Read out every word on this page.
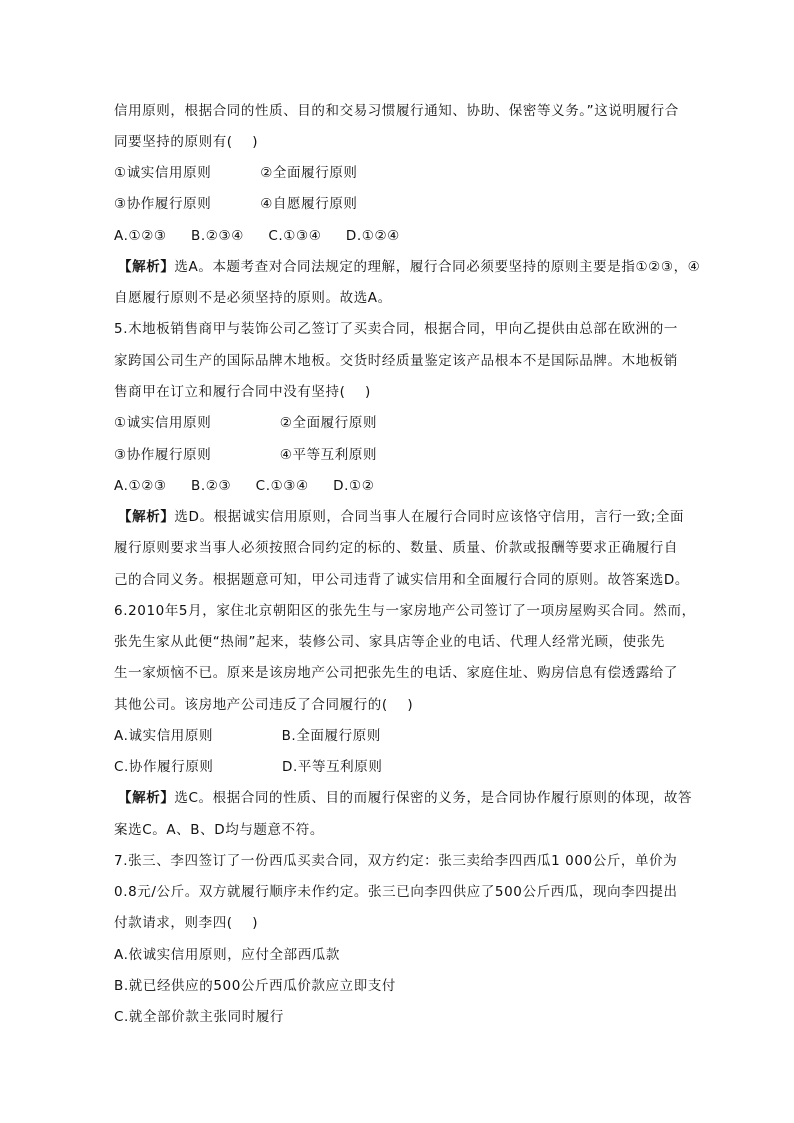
信用原则，根据合同的性质、目的和交易习惯履行通知、协助、保密等义务。”这说明履行合
同要坚持的原则有(    )
①诚实信用原则          ②全面履行原则
③协作履行原则          ④自愿履行原则
A.①②③     B.②③④     C.①③④     D.①②④
【解析】选A。本题考查对合同法规定的理解，履行合同必须要坚持的原则主要是指①②③，④
自愿履行原则不是必须坚持的原则。故选A。
5.木地板销售商甲与装饰公司乙签订了买卖合同，根据合同，甲向乙提供由总部在欧洲的一
家跨国公司生产的国际品牌木地板。交货时经质量鉴定该产品根本不是国际品牌。木地板销
售商甲在订立和履行合同中没有坚持(    )
①诚实信用原则              ②全面履行原则
③协作履行原则              ④平等互利原则
A.①②③     B.②③     C.①③④     D.①②
【解析】选D。根据诚实信用原则，合同当事人在履行合同时应该恪守信用，言行一致;全面
履行原则要求当事人必须按照合同约定的标的、数量、质量、价款或报酬等要求正确履行自
己的合同义务。根据题意可知，甲公司违背了诚实信用和全面履行合同的原则。故答案选D。
6.2010年5月，家住北京朝阳区的张先生与一家房地产公司签订了一项房屋购买合同。然而，
张先生家从此便“热闹”起来，装修公司、家具店等企业的电话、代理人经常光顾，使张先
生一家烦恼不已。原来是该房地产公司把张先生的电话、家庭住址、购房信息有偿透露给了
其他公司。该房地产公司违反了合同履行的(    )
A.诚实信用原则              B.全面履行原则
C.协作履行原则              D.平等互利原则
【解析】选C。根据合同的性质、目的而履行保密的义务，是合同协作履行原则的体现，故答
案选C。A、B、D均与题意不符。
7.张三、李四签订了一份西瓜买卖合同，双方约定：张三卖给李四西瓜1 000公斤，单价为
0.8元/公斤。双方就履行顺序未作约定。张三已向李四供应了500公斤西瓜，现向李四提出
付款请求，则李四(    )
A.依诚实信用原则，应付全部西瓜款
B.就已经供应的500公斤西瓜价款应立即支付
C.就全部价款主张同时履行
